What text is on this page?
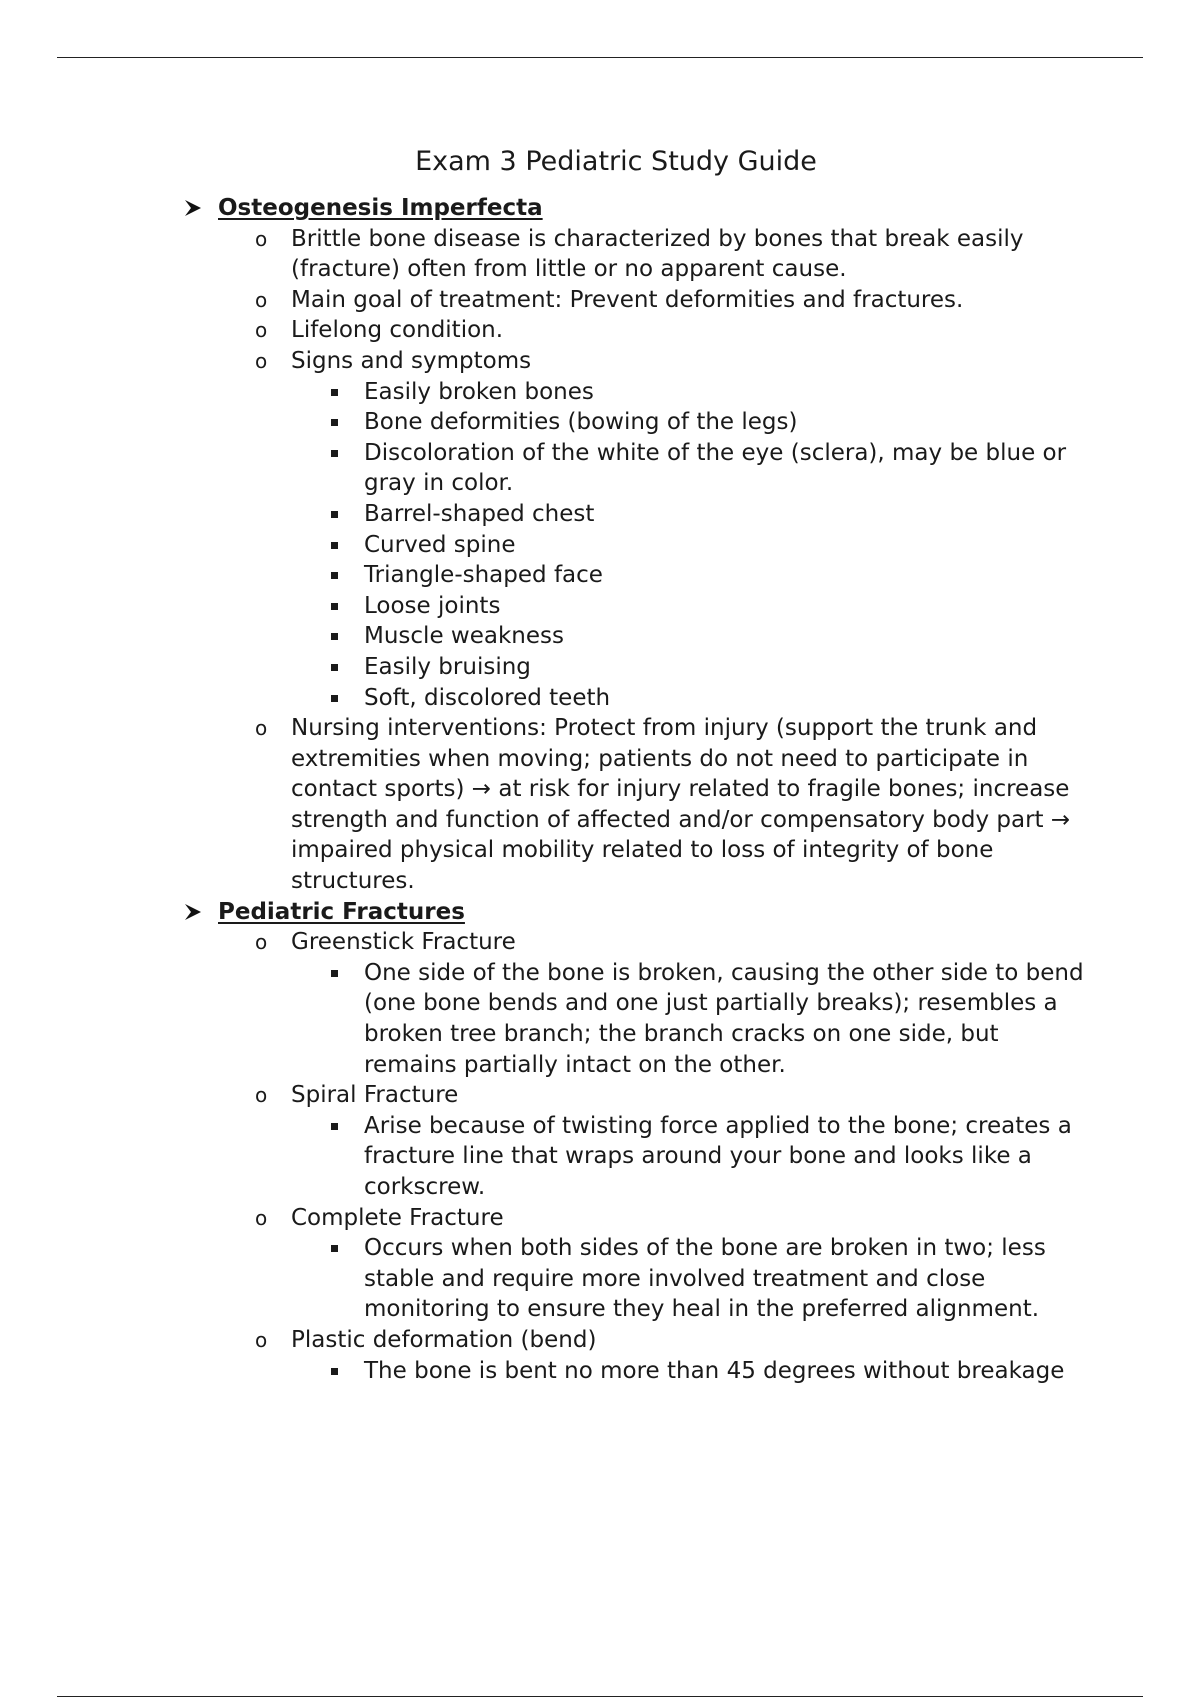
Exam 3 Pediatric Study Guide
Osteogenesis Imperfecta
o Brittle bone disease is characterized by bones that break easily (fracture) often from little or no apparent cause.
o Main goal of treatment: Prevent deformities and fractures.
o Lifelong condition.
o Signs and symptoms
Easily broken bones
Bone deformities (bowing of the legs)
Discoloration of the white of the eye (sclera), may be blue or gray in color.
Barrel-shaped chest
Curved spine
Triangle-shaped face
Loose joints
Muscle weakness
Easily bruising
Soft, discolored teeth
o Nursing interventions: Protect from injury (support the trunk and extremities when moving; patients do not need to participate in contact sports) → at risk for injury related to fragile bones; increase strength and function of affected and/or compensatory body part → impaired physical mobility related to loss of integrity of bone structures.
Pediatric Fractures
o Greenstick Fracture
One side of the bone is broken, causing the other side to bend (one bone bends and one just partially breaks); resembles a broken tree branch; the branch cracks on one side, but remains partially intact on the other.
o Spiral Fracture
Arise because of twisting force applied to the bone; creates a fracture line that wraps around your bone and looks like a corkscrew.
o Complete Fracture
Occurs when both sides of the bone are broken in two; less stable and require more involved treatment and close monitoring to ensure they heal in the preferred alignment.
o Plastic deformation (bend)
The bone is bent no more than 45 degrees without breakage
